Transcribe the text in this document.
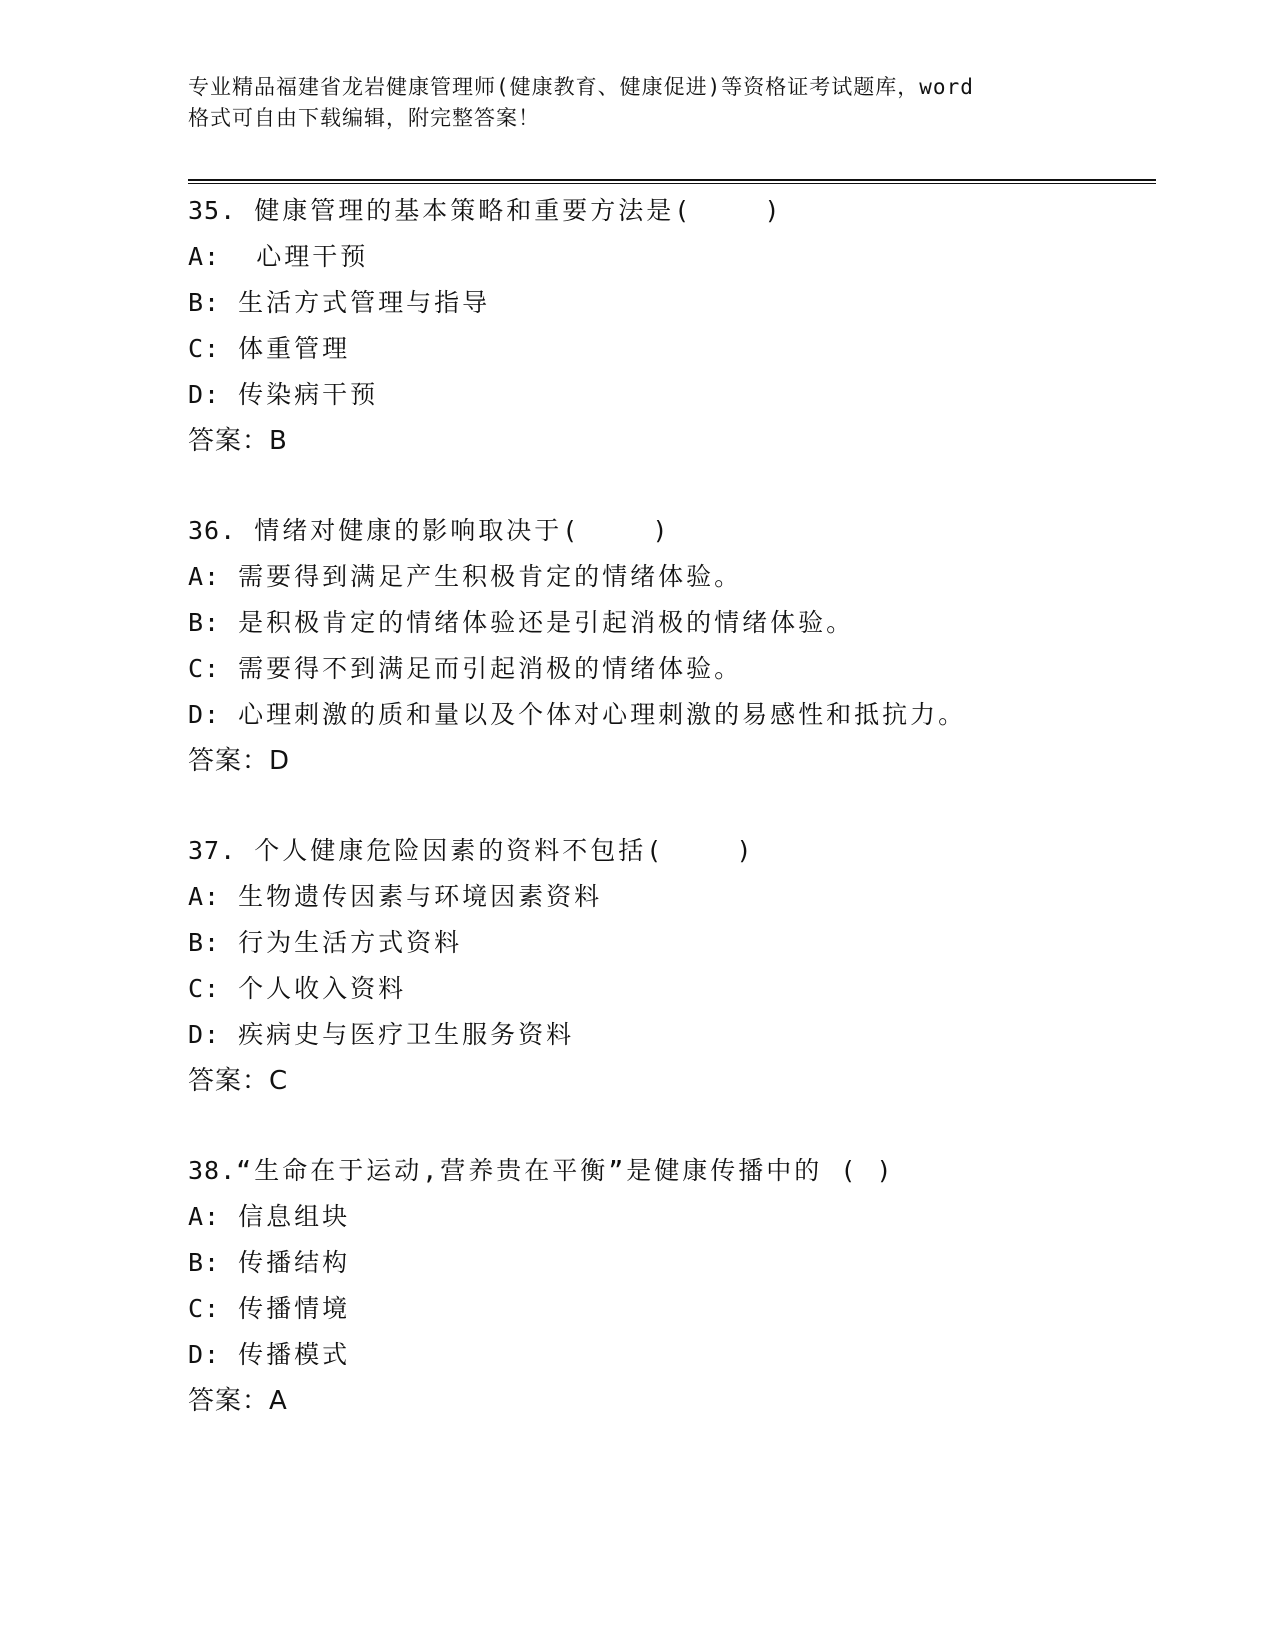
专业精品福建省龙岩健康管理师(健康教育、健康促进)等资格证考试题库，word
格式可自由下载编辑，附完整答案！
35. 健康管理的基本策略和重要方法是(    )
A:  心理干预
B: 生活方式管理与指导
C: 体重管理
D: 传染病干预
答案：B
36. 情绪对健康的影响取决于(    )
A: 需要得到满足产生积极肯定的情绪体验。
B: 是积极肯定的情绪体验还是引起消极的情绪体验。
C: 需要得不到满足而引起消极的情绪体验。
D: 心理刺激的质和量以及个体对心理刺激的易感性和抵抗力。
答案：D
37. 个人健康危险因素的资料不包括(    )
A: 生物遗传因素与环境因素资料
B: 行为生活方式资料
C: 个人收入资料
D: 疾病史与医疗卫生服务资料
答案：C
38.“生命在于运动,营养贵在平衡”是健康传播中的 ( )
A: 信息组块
B: 传播结构
C: 传播情境
D: 传播模式
答案：A
